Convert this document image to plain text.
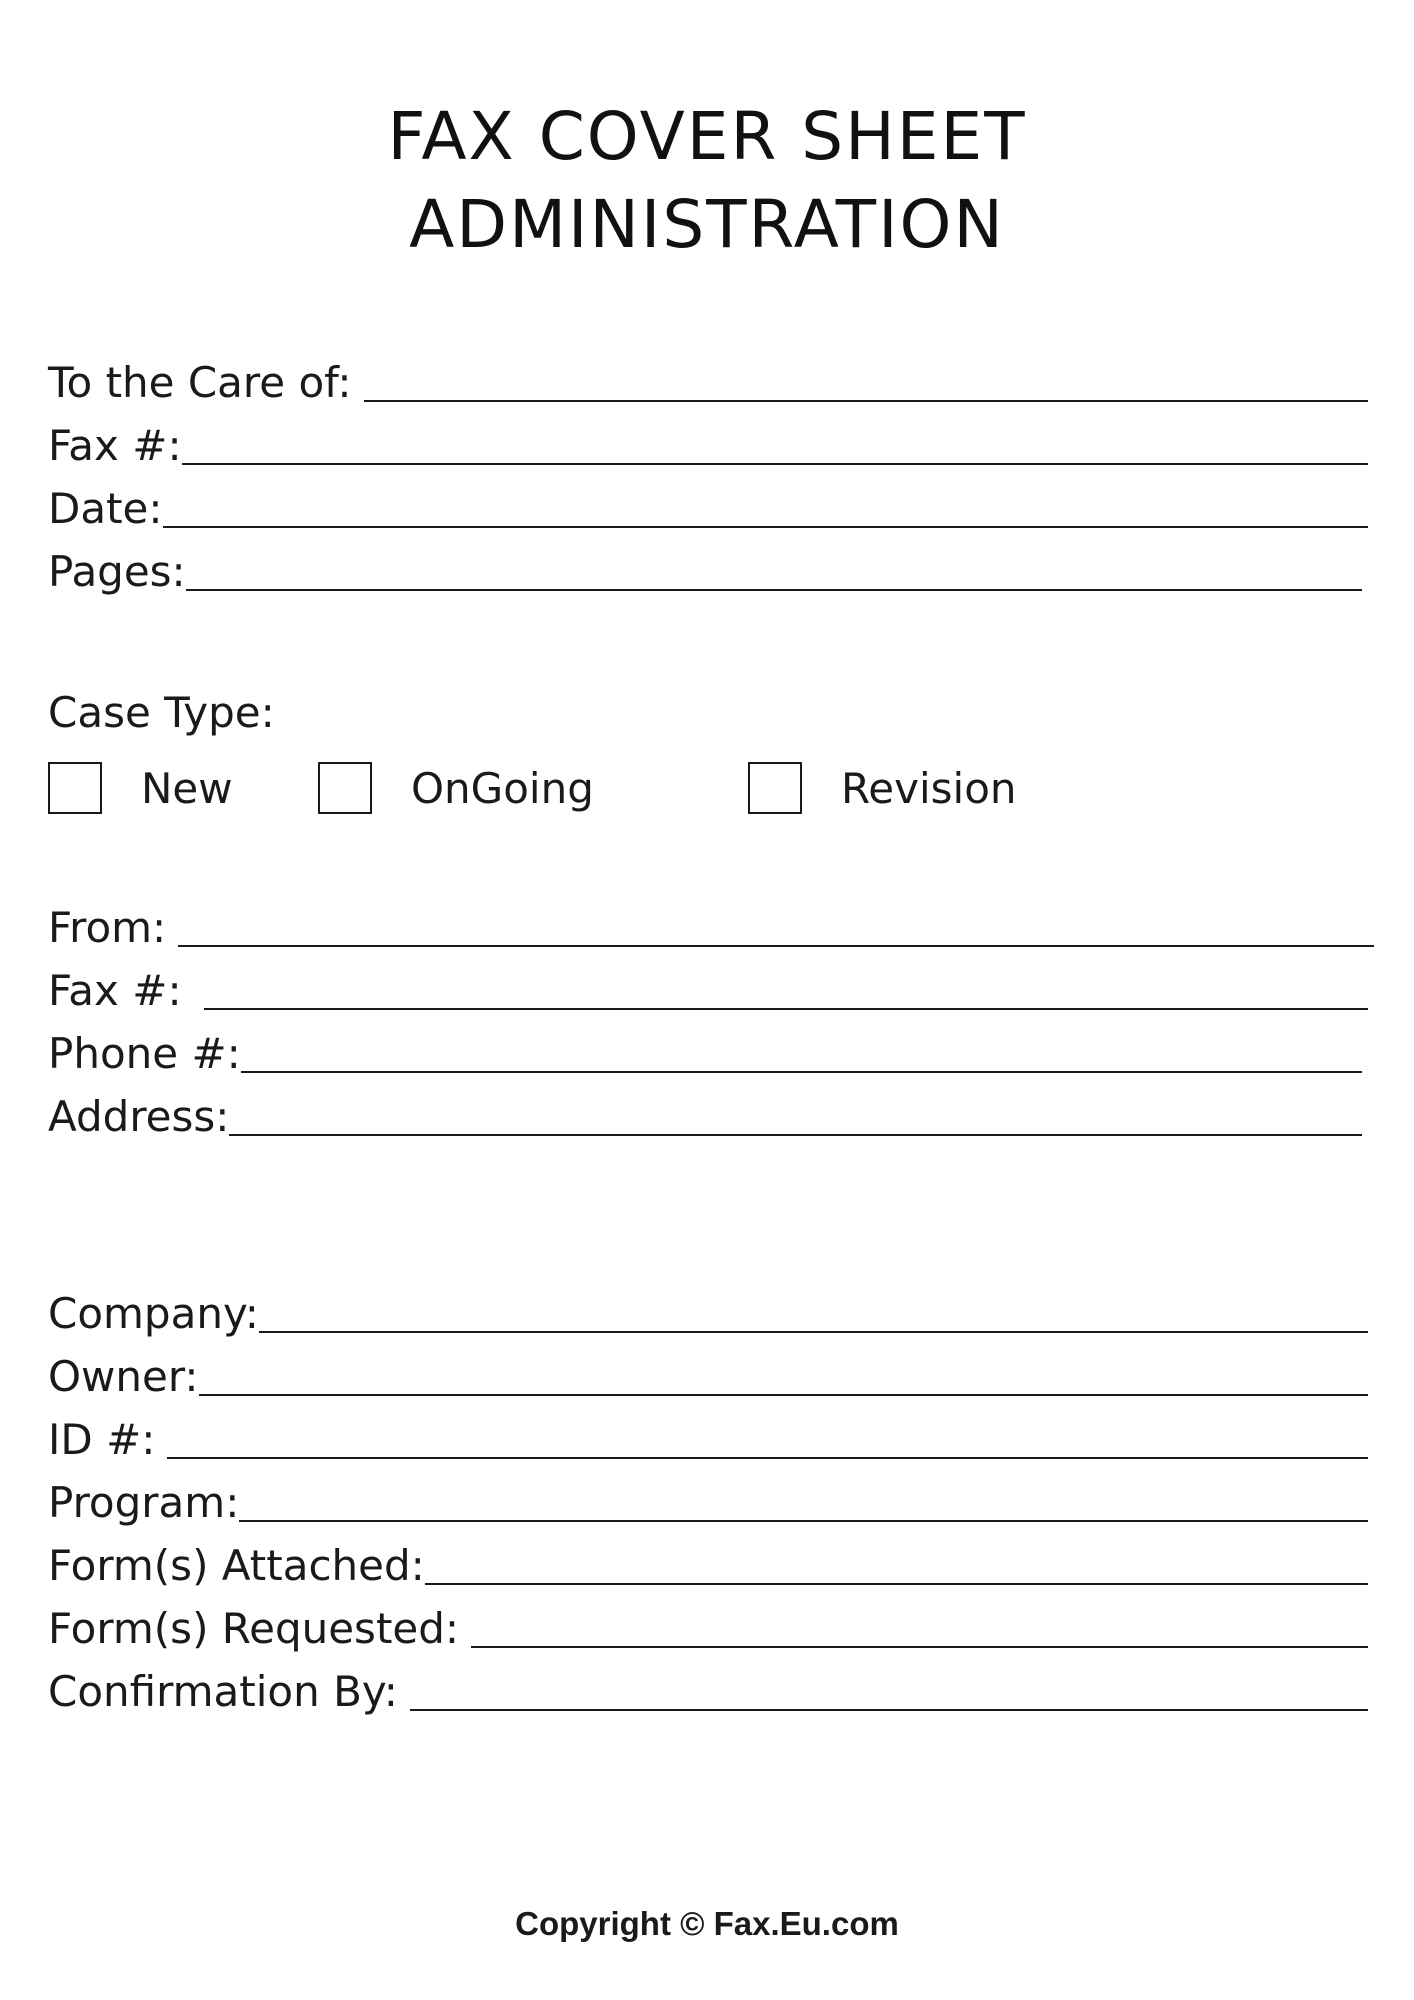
FAX COVER SHEET
ADMINISTRATION
To the Care of:
Fax #:
Date:
Pages:
Case Type:
New	OnGoing	Revision
From:
Fax #:
Phone #:
Address:
Company:
Owner:
ID #:
Program:
Form(s) Attached:
Form(s) Requested:
Confirmation By:
Copyright © Fax.Eu.com
